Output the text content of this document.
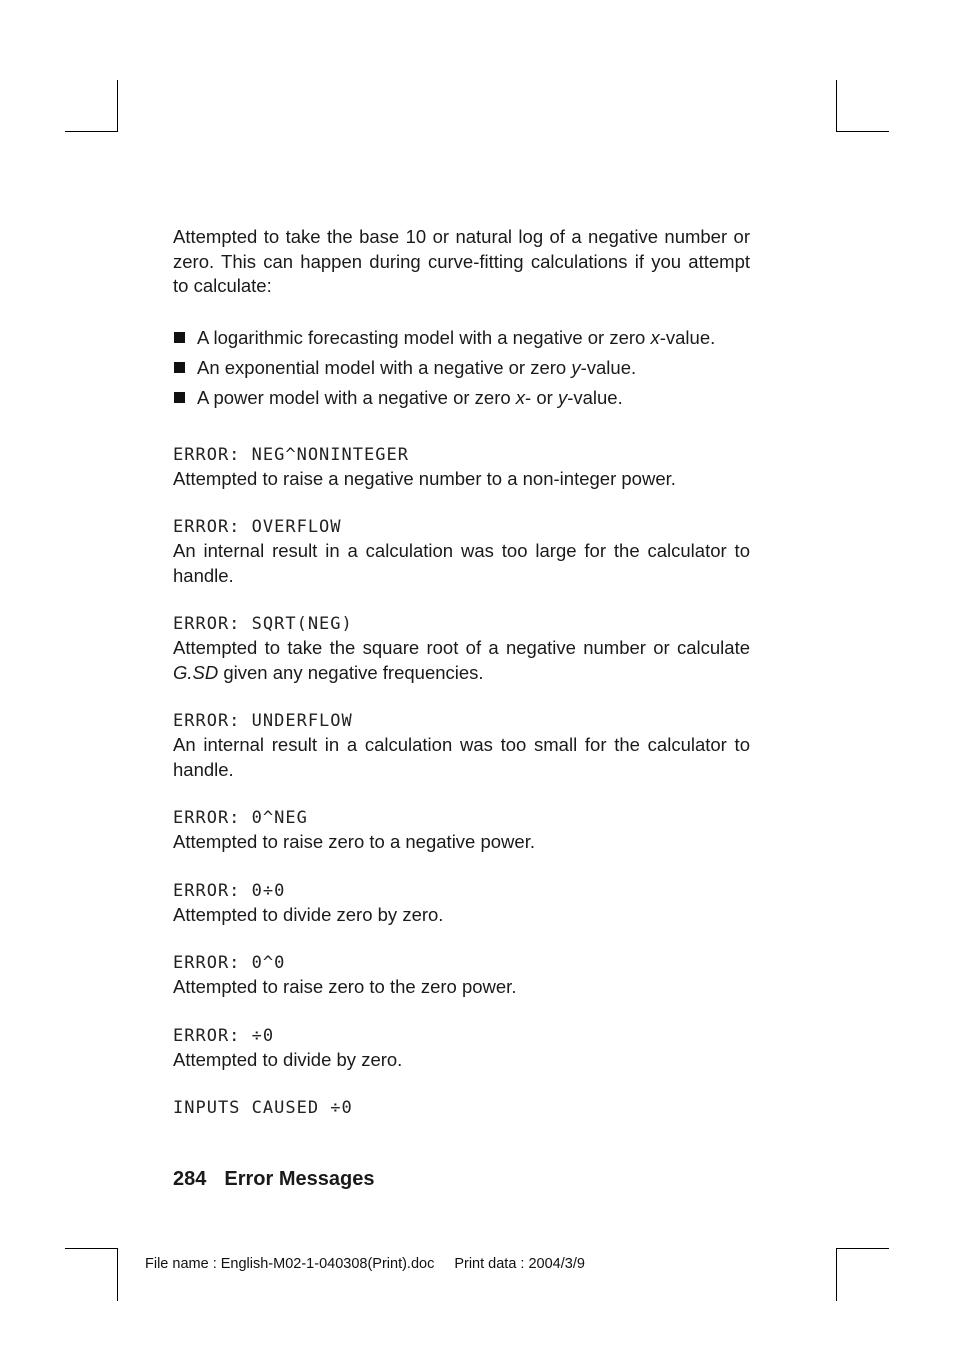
Attempted to take the base 10 or natural log of a negative number or zero. This can happen during curve-fitting calculations if you attempt to calculate:

A logarithmic forecasting model with a negative or zero x-value.
An exponential model with a negative or zero y-value.
A power model with a negative or zero x- or y-value.
ERROR: NEG^NONINTEGER

Attempted to raise a negative number to a non-integer power.

ERROR: OVERFLOW

An internal result in a calculation was too large for the calculator to handle.

ERROR: SQRT(NEG)

Attempted to take the square root of a negative number or calculate G.SD given any negative frequencies.

ERROR: UNDERFLOW

An internal result in a calculation was too small for the calculator to handle.

ERROR: 0^NEG

Attempted to raise zero to a negative power.

ERROR: 0÷0

Attempted to divide zero by zero.

ERROR: 0^0

Attempted to raise zero to the zero power.

ERROR: ÷0

Attempted to divide by zero.

INPUTS CAUSED ÷0
284 Error Messages
File name : English-M02-1-040308(Print).doc Print data : 2004/3/9
